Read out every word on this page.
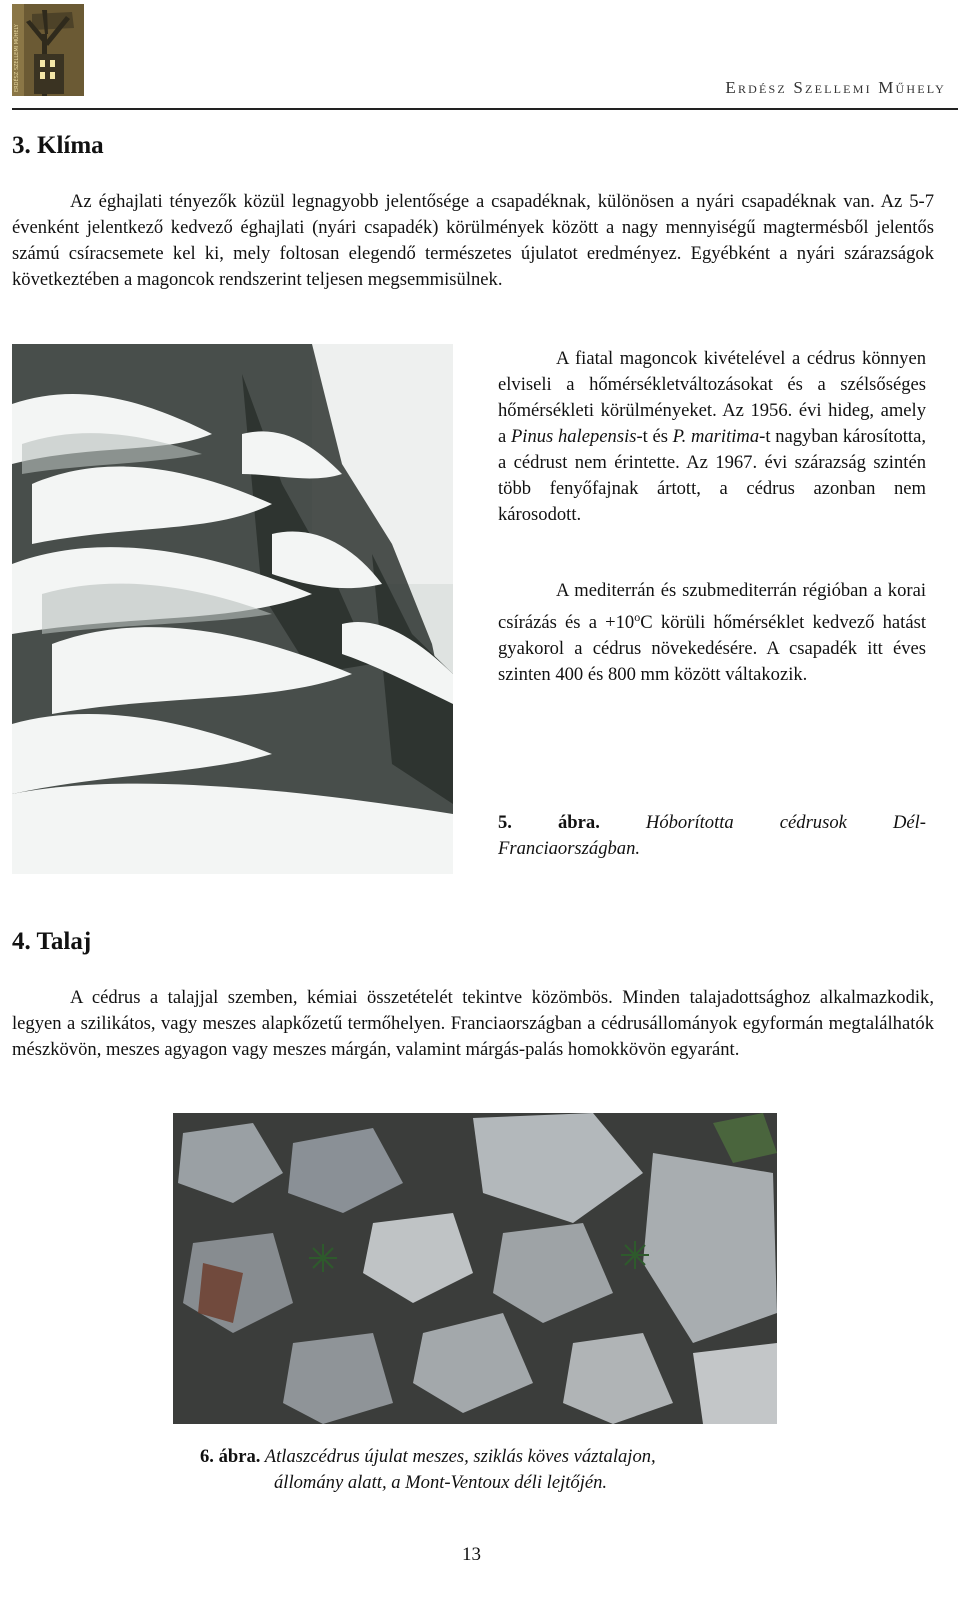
ERDÉSZ SZELLEMI MŰHELY	Erdész Szellemi Műhely
3. Klíma

Az éghajlati tényezők közül legnagyobb jelentősége a csapadéknak, különösen a nyári csapadéknak van. Az 5-7 évenként jelentkező kedvező éghajlati (nyári csapadék) körülmények között a nagy mennyiségű magtermésből jelentős számú csíracsemete kel ki, mely foltosan elegendő természetes újulatot eredményez. Egyébként a nyári szárazságok következtében a magoncok rendszerint teljesen megsemmisülnek.

A fiatal magoncok kivételével a cédrus könnyen elviseli a hőmérsékletváltozásokat és a szélsőséges hőmérsékleti körülményeket. Az 1956. évi hideg, amely a Pinus halepensis-t és P. maritima-t nagyban károsította, a cédrust nem érintette. Az 1967. évi szárazság szintén több fenyőfajnak ártott, a cédrus azonban nem károsodott.

A mediterrán és szubmediterrán régióban a korai csírázás és $a +10^oC$ körüli hőmérséklet kedvező hatást gyakorol a cédrus növekedésére. A csapadék itt éves szinten 400 és 800 mm között váltakozik.

5. ábra. Hóborította cédrusok Dél-Franciaországban.

4. Talaj

A cédrus a talajjal szemben, kémiai összetételét tekintve közömbös. Minden talajadottsághoz alkalmazkodik, legyen a szilikátos, vagy meszes alapkőzetű termőhelyen. Franciaországban a cédrusállományok egyformán megtalálhatók mészkövön, meszes agyagon vagy meszes márgán, valamint márgás-palás homokkövön egyaránt.

6. ábra. Atlaszcédrus újulat meszes, sziklás köves váztalajon,
állomány alatt, a Mont-Ventoux déli lejtőjén.
13
